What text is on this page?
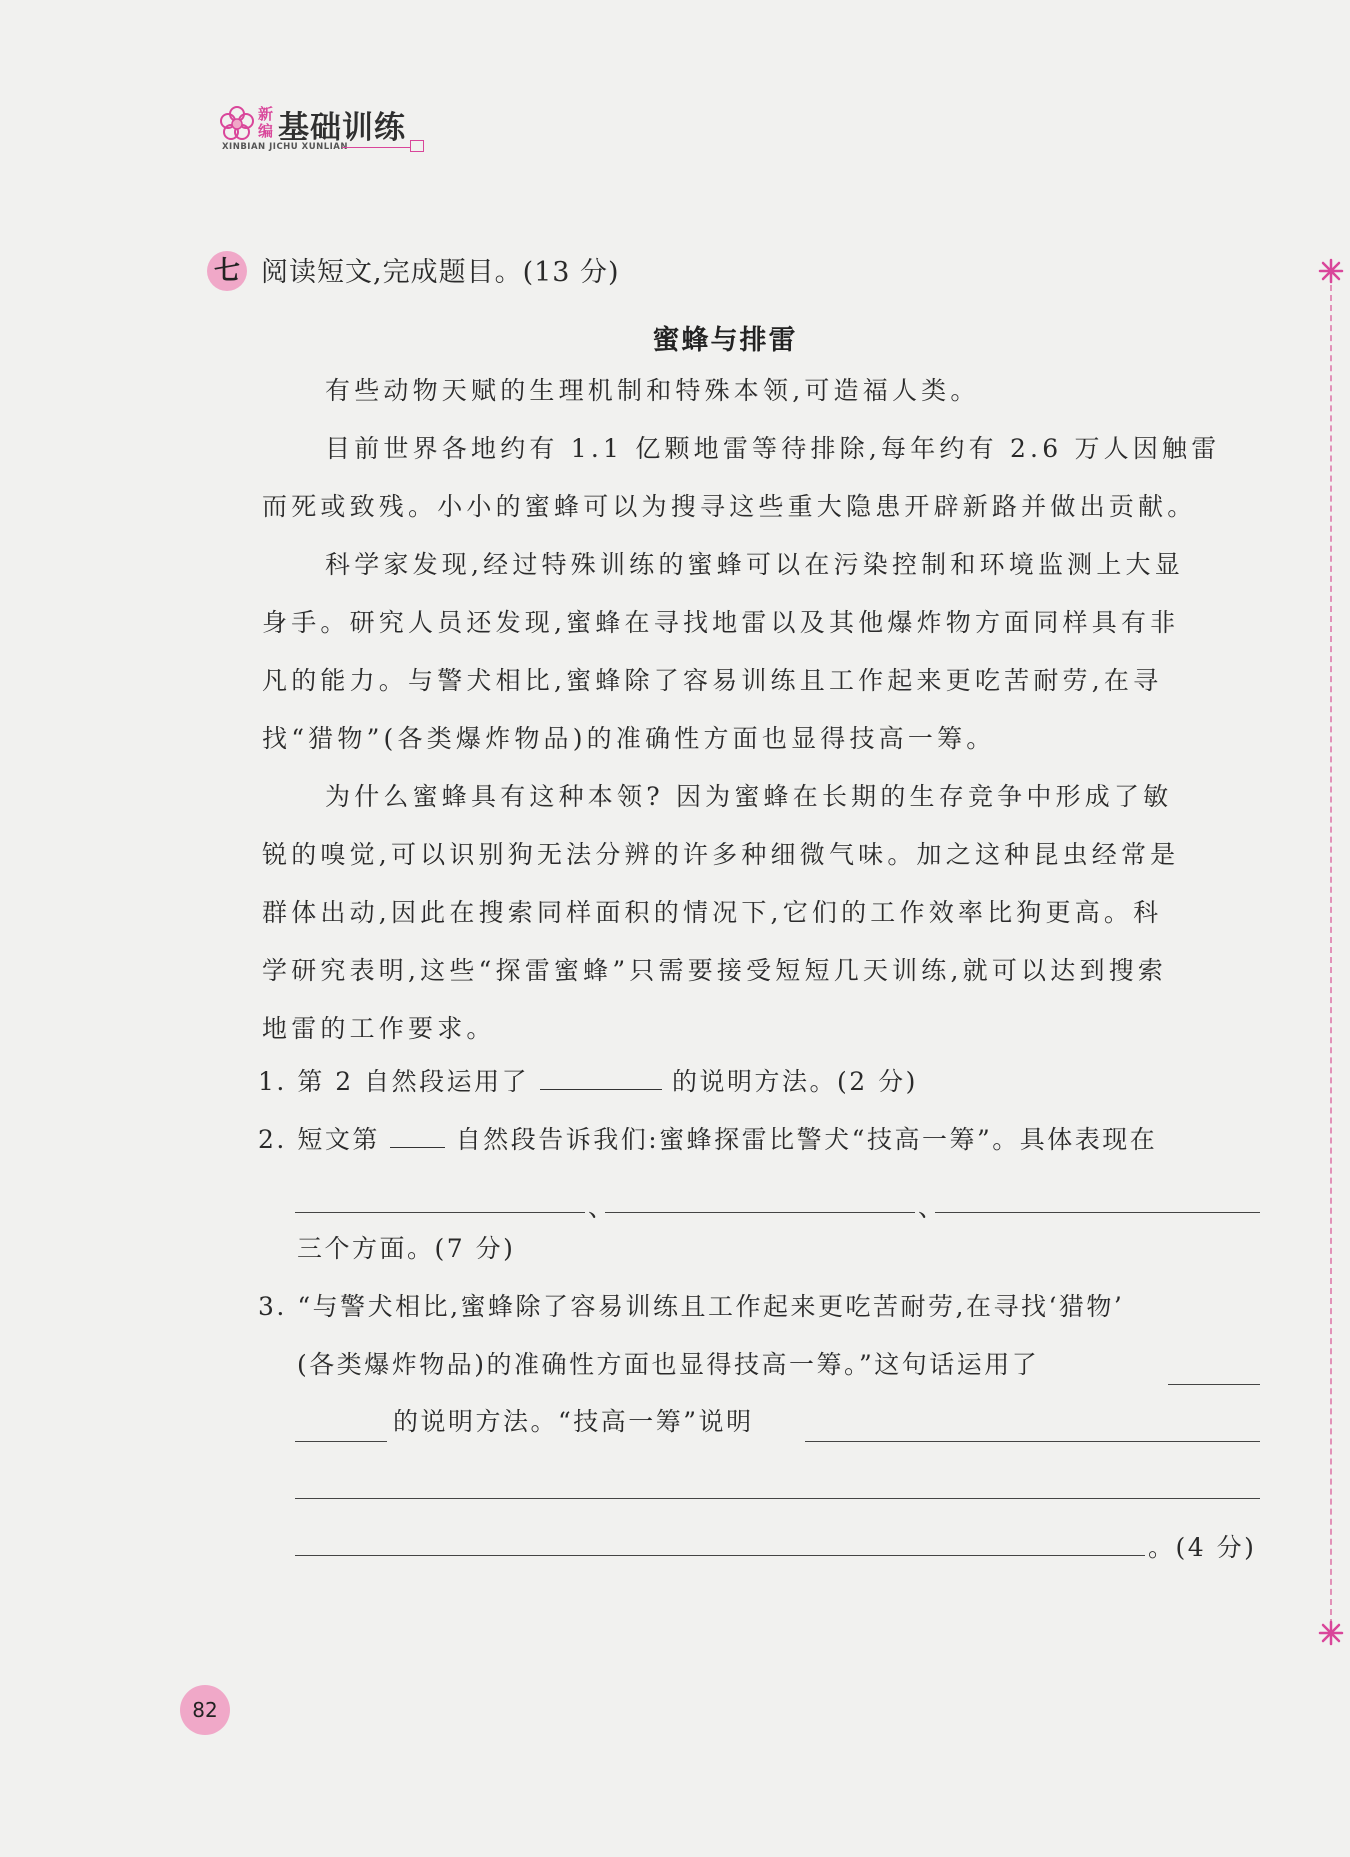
新编 基础训练
XINBIAN JICHU XUNLIAN
七 阅读短文,完成题目。(13 分)
蜜蜂与排雷
有些动物天赋的生理机制和特殊本领,可造福人类。
目前世界各地约有 1.1 亿颗地雷等待排除,每年约有 2.6 万人因触雷
而死或致残。小小的蜜蜂可以为搜寻这些重大隐患开辟新路并做出贡献。
科学家发现,经过特殊训练的蜜蜂可以在污染控制和环境监测上大显
身手。研究人员还发现,蜜蜂在寻找地雷以及其他爆炸物方面同样具有非
凡的能力。与警犬相比,蜜蜂除了容易训练且工作起来更吃苦耐劳,在寻
找“猎物”(各类爆炸物品)的准确性方面也显得技高一筹。
为什么蜜蜂具有这种本领? 因为蜜蜂在长期的生存竞争中形成了敏
锐的嗅觉,可以识别狗无法分辨的许多种细微气味。加之这种昆虫经常是
群体出动,因此在搜索同样面积的情况下,它们的工作效率比狗更高。科
学研究表明,这些“探雷蜜蜂”只需要接受短短几天训练,就可以达到搜索
地雷的工作要求。
1. 第 2 自然段运用了	的说明方法。(2 分)
2. 短文第	自然段告诉我们:蜜蜂探雷比警犬“技高一筹”。具体表现在
、	、
三个方面。(7 分)
3. “与警犬相比,蜜蜂除了容易训练且工作起来更吃苦耐劳,在寻找‘猎物’
(各类爆炸物品)的准确性方面也显得技高一筹。”这句话运用了
的说明方法。“技高一筹”说明
。(4 分)
82
